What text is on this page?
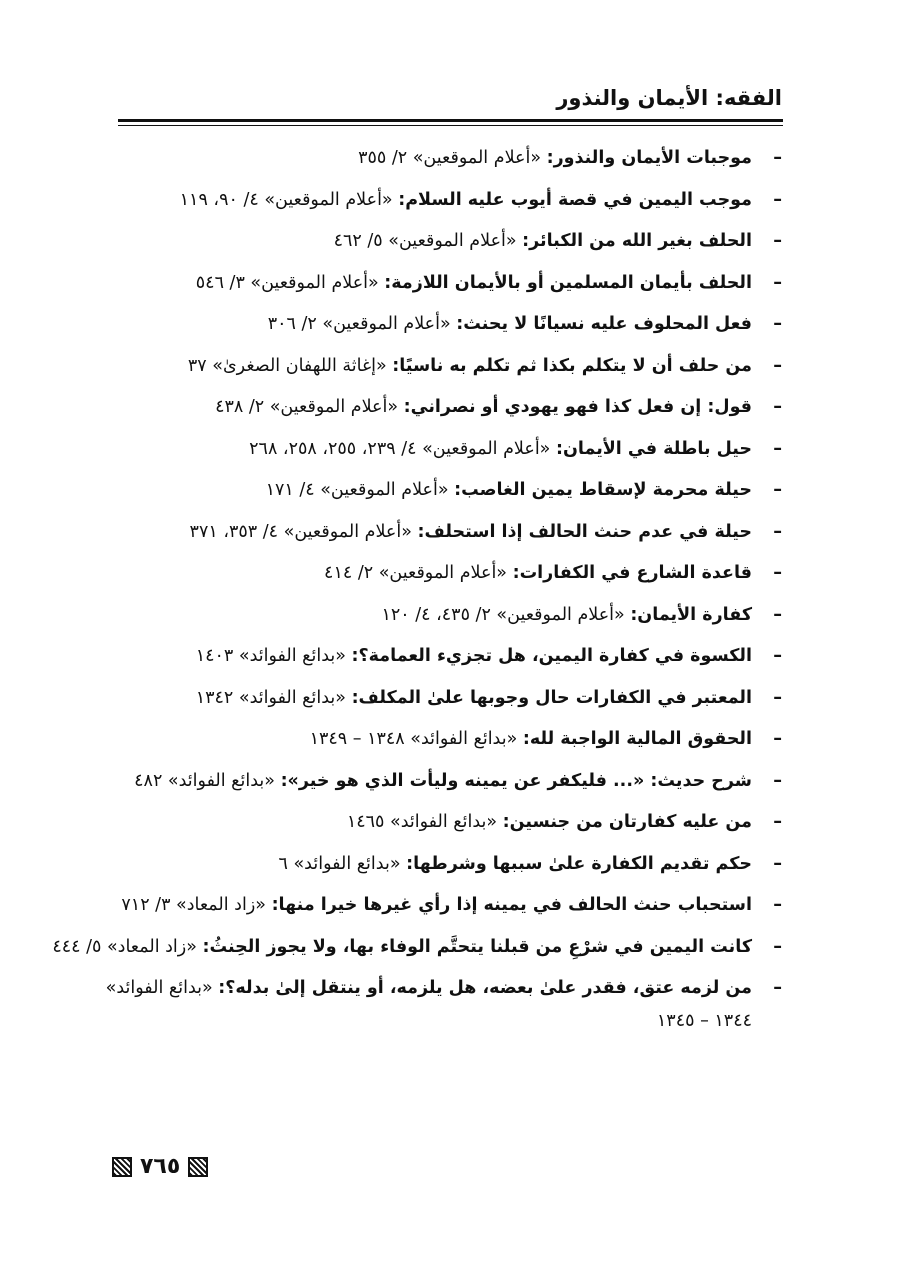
الفقه: الأيمان والنذور
–
موجبات الأيمان والنذور: «أعلام الموقعين» ٢/ ٣٥٥
–
موجب اليمين في قصة أيوب عليه السلام: «أعلام الموقعين» ٤/ ٩٠، ١١٩
–
الحلف بغير الله من الكبائر: «أعلام الموقعين» ٥/ ٤٦٢
–
الحلف بأيمان المسلمين أو بالأيمان اللازمة: «أعلام الموقعين» ٣/ ٥٤٦
–
فعل المحلوف عليه نسيانًا لا يحنث: «أعلام الموقعين» ٢/ ٣٠٦
–
من حلف أن لا يتكلم بكذا ثم تكلم به ناسيًا: «إغاثة اللهفان الصغرىٰ» ٣٧
–
قول: إن فعل كذا فهو يهودي أو نصراني: «أعلام الموقعين» ٢/ ٤٣٨
–
حيل باطلة في الأيمان: «أعلام الموقعين» ٤/ ٢٣٩، ٢٥٥، ٢٥٨، ٢٦٨
–
حيلة محرمة لإسقاط يمين الغاصب: «أعلام الموقعين» ٤/ ١٧١
–
حيلة في عدم حنث الحالف إذا استحلف: «أعلام الموقعين» ٤/ ٣٥٣، ٣٧١
–
قاعدة الشارع في الكفارات: «أعلام الموقعين» ٢/ ٤١٤
–
كفارة الأيمان: «أعلام الموقعين» ٢/ ٤٣٥، ٤/ ١٢٠
–
الكسوة في كفارة اليمين، هل تجزيء العمامة؟: «بدائع الفوائد» ١٤٠٣
–
المعتبر في الكفارات حال وجوبها علىٰ المكلف: «بدائع الفوائد» ١٣٤٢
–
الحقوق المالية الواجبة لله: «بدائع الفوائد» ١٣٤٨ – ١٣٤٩
–
شرح حديث: «... فليكفر عن يمينه وليأت الذي هو خير»: «بدائع الفوائد» ٤٨٢
–
من عليه كفارتان من جنسين: «بدائع الفوائد» ١٤٦٥
–
حكم تقديم الكفارة علىٰ سببها وشرطها: «بدائع الفوائد» ٦
–
استحباب حنث الحالف في يمينه إذا رأي غيرها خيرا منها: «زاد المعاد» ٣/ ٧١٢
–
كانت اليمين في شرْعِ من قبلنا يتحتَّم الوفاء بها، ولا يجوز الحِنثُ: «زاد المعاد» ٥/ ٤٤٤
–
من لزمه عتق، فقدر علىٰ بعضه، هل يلزمه، أو ينتقل إلىٰ بدله؟: «بدائع الفوائد» ١٣٤٤ – ١٣٤٥
٧٦٥
